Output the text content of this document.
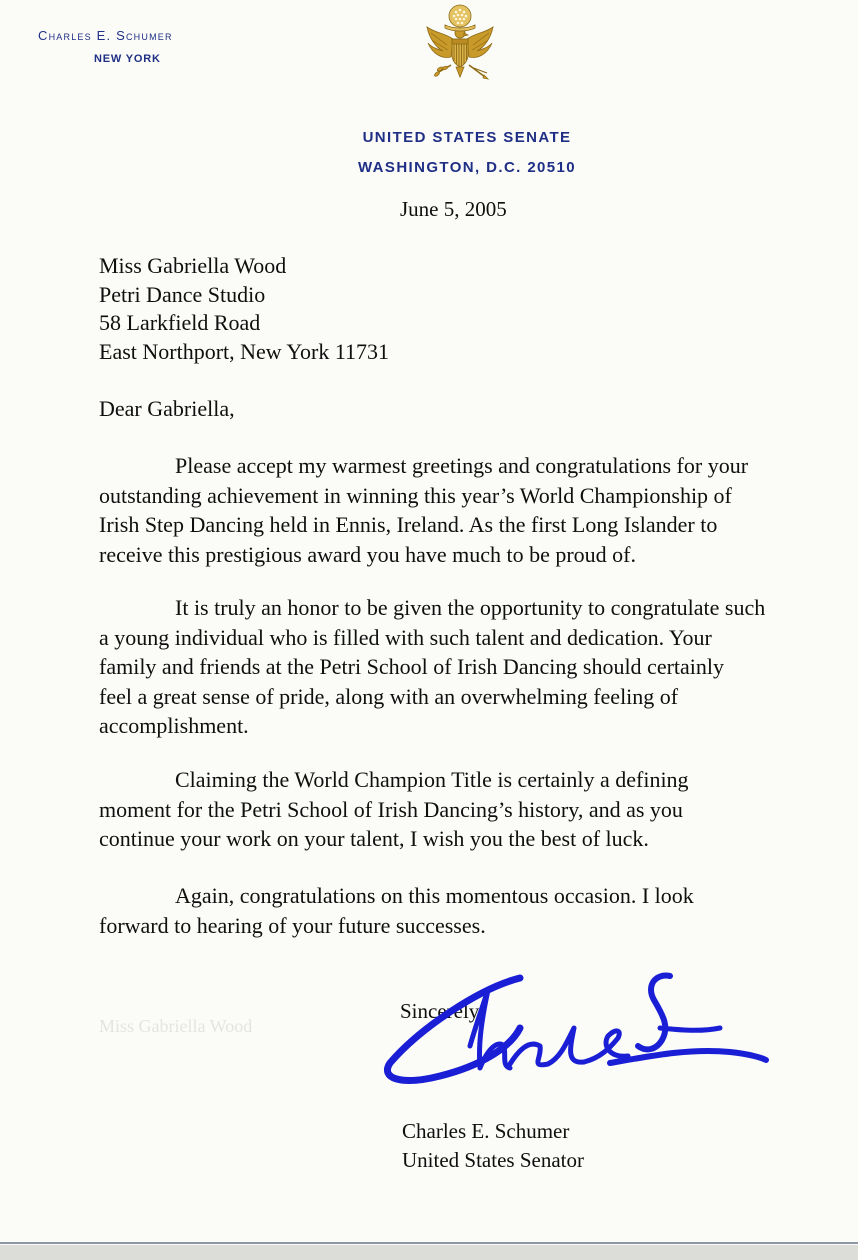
Charles E. Schumer
NEW YORK
UNITED STATES SENATE
WASHINGTON, D.C. 20510
June 5, 2005
Miss Gabriella Wood
Petri Dance Studio
58 Larkfield Road
East Northport, New York 11731
Dear Gabriella,
Please accept my warmest greetings and congratulations for your
outstanding achievement in winning this year’s World Championship of
Irish Step Dancing held in Ennis, Ireland. As the first Long Islander to
receive this prestigious award you have much to be proud of.
It is truly an honor to be given the opportunity to congratulate such
a young individual who is filled with such talent and dedication. Your
family and friends at the Petri School of Irish Dancing should certainly
feel a great sense of pride, along with an overwhelming feeling of
accomplishment.
Claiming the World Champion Title is certainly a defining
moment for the Petri School of Irish Dancing’s history, and as you
continue your work on your talent, I wish you the best of luck.
Again, congratulations on this momentous occasion. I look
forward to hearing of your future successes.
Miss Gabriella Wood
Sincerely,
Charles E. Schumer
United States Senator
